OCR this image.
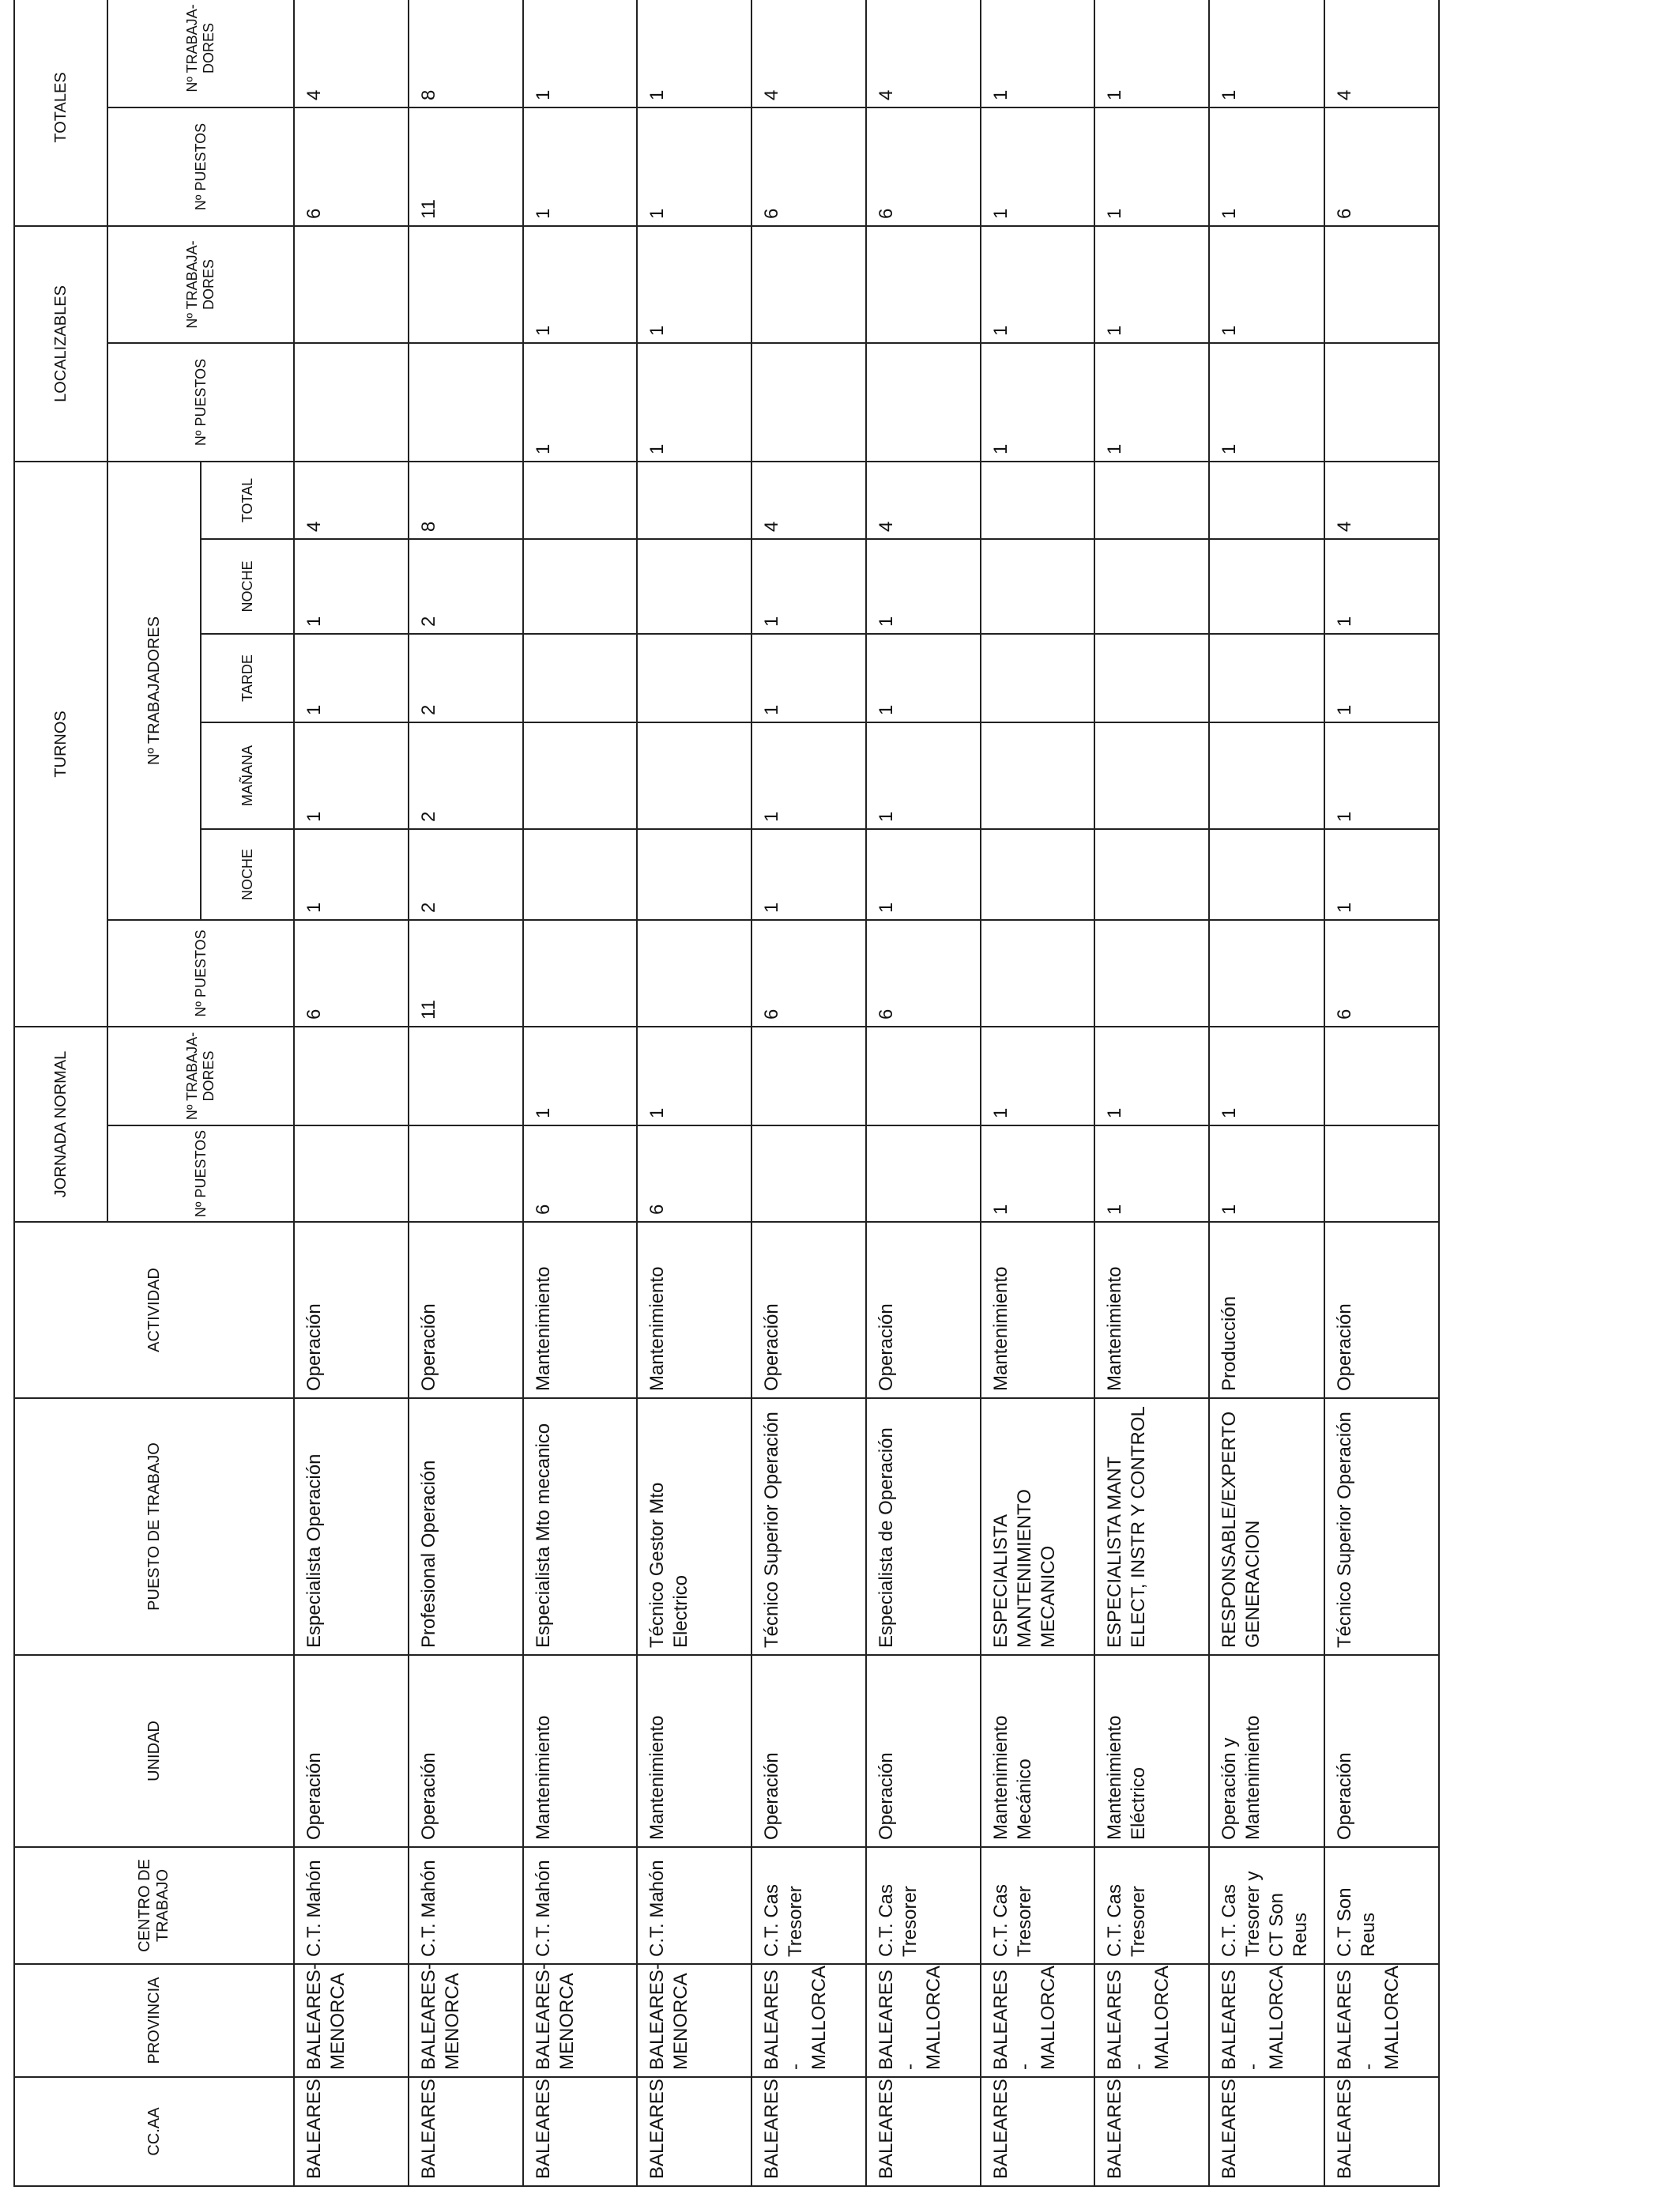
CC.AA	PROVINCIA	CENTRO DE TRABAJO	UNIDAD	PUESTO DE TRABAJO	ACTIVIDAD	JORNADA NORMAL		TURNOS						LOCALIZABLES		TOTALES	
						Nº PUESTOS	Nº TRABAJA-DORES	Nº PUESTOS	Nº TRABAJADORES					Nº PUESTOS	Nº TRABAJA-DORES	Nº PUESTOS	Nº TRABAJA-DORES
									NOCHE	MAÑANA	TARDE	NOCHE	TOTAL				
BALEARES	BALEARES-MENORCA	C.T. Mahón	Operación	Especialista Operación	Operación			6	1	1	1	1	4			6	4
BALEARES	BALEARES-MENORCA	C.T. Mahón	Operación	Profesional Operación	Operación			11	2	2	2	2	8			11	8
BALEARES	BALEARES-MENORCA	C.T. Mahón	Mantenimiento	Especialista Mto mecanico	Mantenimiento	6	1							1	1	1	1
BALEARES	BALEARES-MENORCA	C.T. Mahón	Mantenimiento	Técnico Gestor Mto Electrico	Mantenimiento	6	1							1	1	1	1
BALEARES	BALEARES - MALLORCA	C.T. Cas Tresorer	Operación	Técnico Superior Operación	Operación			6	1	1	1	1	4			6	4
BALEARES	BALEARES - MALLORCA	C.T. Cas Tresorer	Operación	Especialista de Operación	Operación			6	1	1	1	1	4			6	4
BALEARES	BALEARES - MALLORCA	C.T. Cas Tresorer	Mantenimiento Mecánico	ESPECIALISTA MANTENIMIENTO MECANICO	Mantenimiento	1	1							1	1	1	1
BALEARES	BALEARES - MALLORCA	C.T. Cas Tresorer	Mantenimiento Eléctrico	ESPECIALISTA MANT ELECT, INSTR Y CONTROL	Mantenimiento	1	1							1	1	1	1
BALEARES	BALEARES - MALLORCA	C.T. Cas Tresorer y CT Son Reus	Operación y Mantenimiento	RESPONSABLE/EXPERTO GENERACION	Producción	1	1							1	1	1	1
BALEARES	BALEARES - MALLORCA	C.T Son Reus	Operación	Técnico Superior Operación	Operación			6	1	1	1	1	4			6	4
